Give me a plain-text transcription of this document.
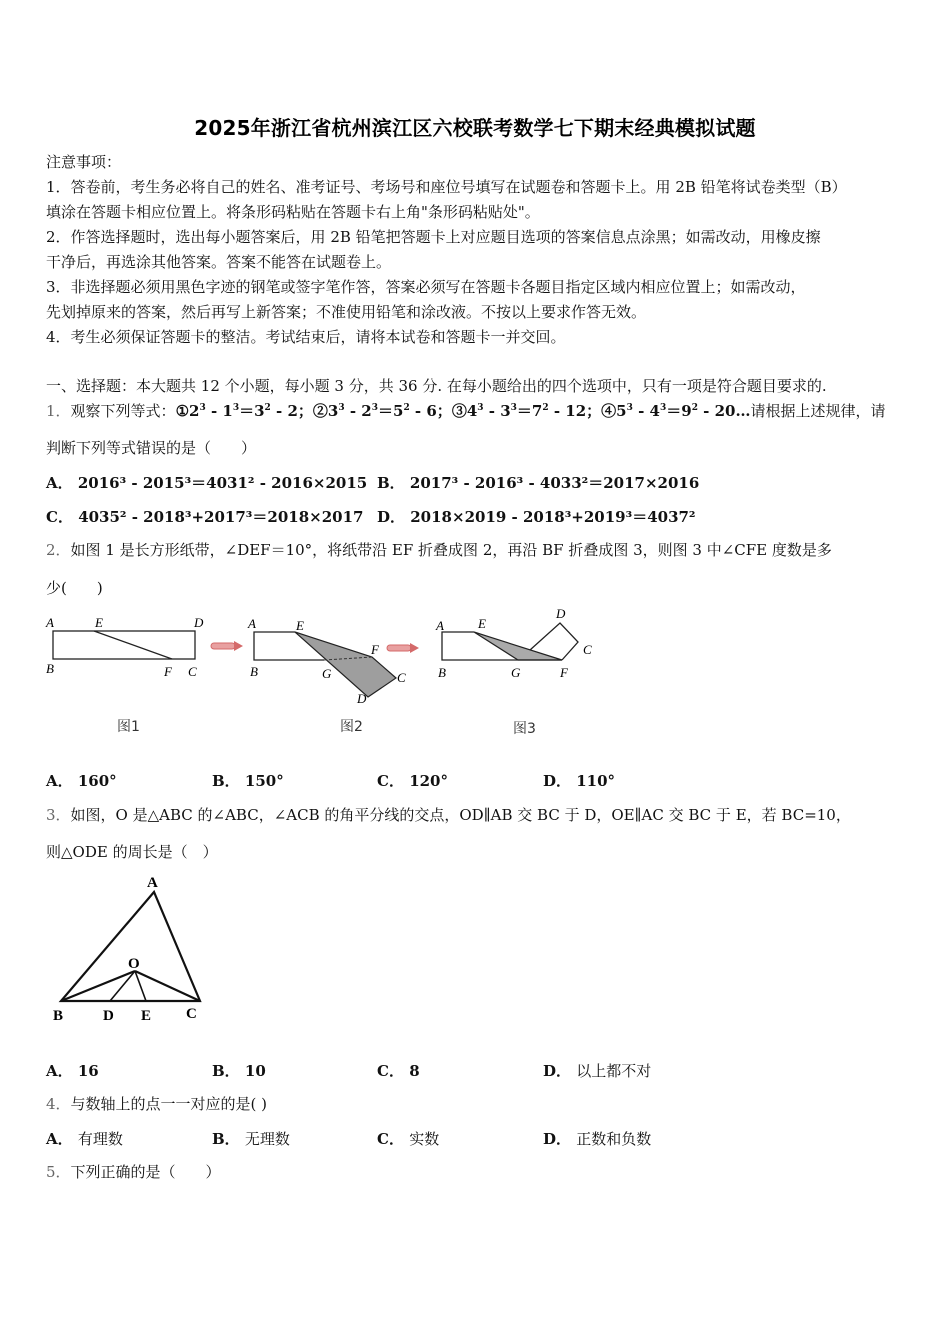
2025年浙江省杭州滨江区六校联考数学七下期末经典模拟试题
注意事项：
1．答卷前，考生务必将自己的姓名、准考证号、考场号和座位号填写在试题卷和答题卡上。用 2B 铅笔将试卷类型（B）
填涂在答题卡相应位置上。将条形码粘贴在答题卡右上角"条形码粘贴处"。
2．作答选择题时，选出每小题答案后，用 2B 铅笔把答题卡上对应题目选项的答案信息点涂黑；如需改动，用橡皮擦
干净后，再选涂其他答案。答案不能答在试题卷上。
3．非选择题必须用黑色字迹的钢笔或签字笔作答，答案必须写在答题卡各题目指定区域内相应位置上；如需改动，
先划掉原来的答案，然后再写上新答案；不准使用铅笔和涂改液。不按以上要求作答无效。
4．考生必须保证答题卡的整洁。考试结束后，请将本试卷和答题卡一并交回。
一、选择题：本大题共 12 个小题，每小题 3 分，共 36 分. 在每小题给出的四个选项中，只有一项是符合题目要求的.
1．观察下列等式：$①2^3 - 1^3=3^2 - 2$；$②3^3 - 2^3=5^2 - 6$；$③4^3 - 3^3=7^2 - 12$；$④5^3 - 4^3=9^2$ - 20…请根据上述规律，请
判断下列等式错误的是（　　）
A． 2016³ - 2015³＝4031² - 2016×2015 B． 2017³ - 2016³ - 4033²＝2017×2016
C． 4035² - 2018³+2017³＝2018×2017 D． 2018×2019 - 2018³+2019³＝4037²
2．如图 1 是长方形纸带，∠DEF＝10°，将纸带沿 EF 折叠成图 2，再沿 BF 折叠成图 3，则图 3 中∠CFE 度数是多
少(　　)
A	E	D
B	F C
图1
A	E
F
B	G	C
D
图2
A	E
D
C
B	G	F
图3
A． 160°	B． 150°	C． 120°	D． 110°
3．如图，O 是△ABC 的∠ABC，∠ACB 的角平分线的交点，OD∥AB 交 BC 于 D，OE∥AC 交 BC 于 E，若 BC=10，
则△ODE 的周长是（　）
A
O
B	D E C
A． 16	B． 10	C． 8	D． 以上都不对
4．与数轴上的点一一对应的是( )
A． 有理数	B． 无理数	C． 实数	D． 正数和负数
5．下列正确的是（　　）
